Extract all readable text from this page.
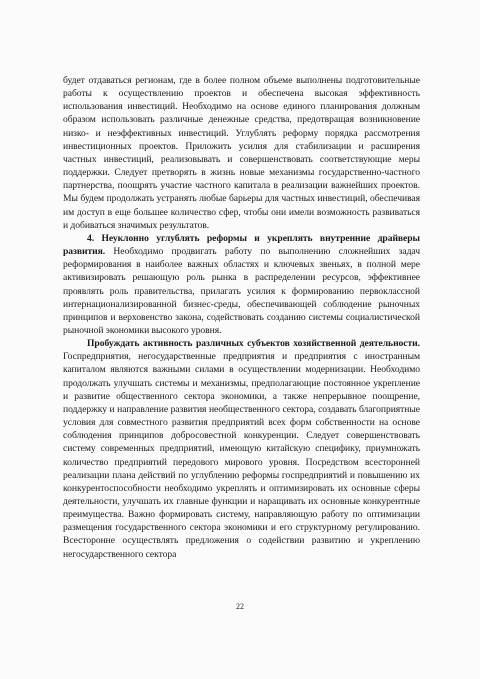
будет отдаваться регионам, где в более полном объеме выполнены подготовительные работы к осуществлению проектов и обеспечена высокая эффективность использования инвестиций. Необходимо на основе единого планирования должным образом использовать различные денежные средства, предотвращая возникновение низко- и неэффективных инвестиций. Углублять реформу порядка рассмотрения инвестиционных проектов. Приложить усилия для стабилизации и расширения частных инвестиций, реализовывать и совершенствовать соответствующие меры поддержки. Следует претворять в жизнь новые механизмы государственно-частного партнерства, поощрять участие частного капитала в реализации важнейших проектов. Мы будем продолжать устранять любые барьеры для частных инвестиций, обеспечивая им доступ в еще большее количество сфер, чтобы они имели возможность развиваться и добиваться значимых результатов.

4. Неуклонно углублять реформы и укреплять внутренние драйверы развития. Необходимо продвигать работу по выполнению сложнейших задач реформирования в наиболее важных областях и ключевых звеньях, в полной мере активизировать решающую роль рынка в распределении ресурсов, эффективнее проявлять роль правительства, прилагать усилия к формированию первоклассной интернационализированной бизнес-среды, обеспечивающей соблюдение рыночных принципов и верховенство закона, содействовать созданию системы социалистической рыночной экономики высокого уровня.

Пробуждать активность различных субъектов хозяйственной деятельности. Госпредприятия, негосударственные предприятия и предприятия с иностранным капиталом являются важными силами в осуществлении модернизации. Необходимо продолжать улучшать системы и механизмы, предполагающие постоянное укрепление и развитие общественного сектора экономики, а также непрерывное поощрение, поддержку и направление развития необщественного сектора, создавать благоприятные условия для совместного развития предприятий всех форм собственности на основе соблюдения принципов добросовестной конкуренции. Следует совершенствовать систему современных предприятий, имеющую китайскую специфику, приумножать количество предприятий передового мирового уровня. Посредством всесторонней реализации плана действий по углублению реформы госпредприятий и повышению их конкурентоспособности необходимо укреплять и оптимизировать их основные сферы деятельности, улучшать их главные функции и наращивать их основные конкурентные преимущества. Важно формировать систему, направляющую работу по оптимизации размещения государственного сектора экономики и его структурному регулированию. Всесторонне осуществлять предложения о содействии развитию и укреплению негосударственного сектора

22
